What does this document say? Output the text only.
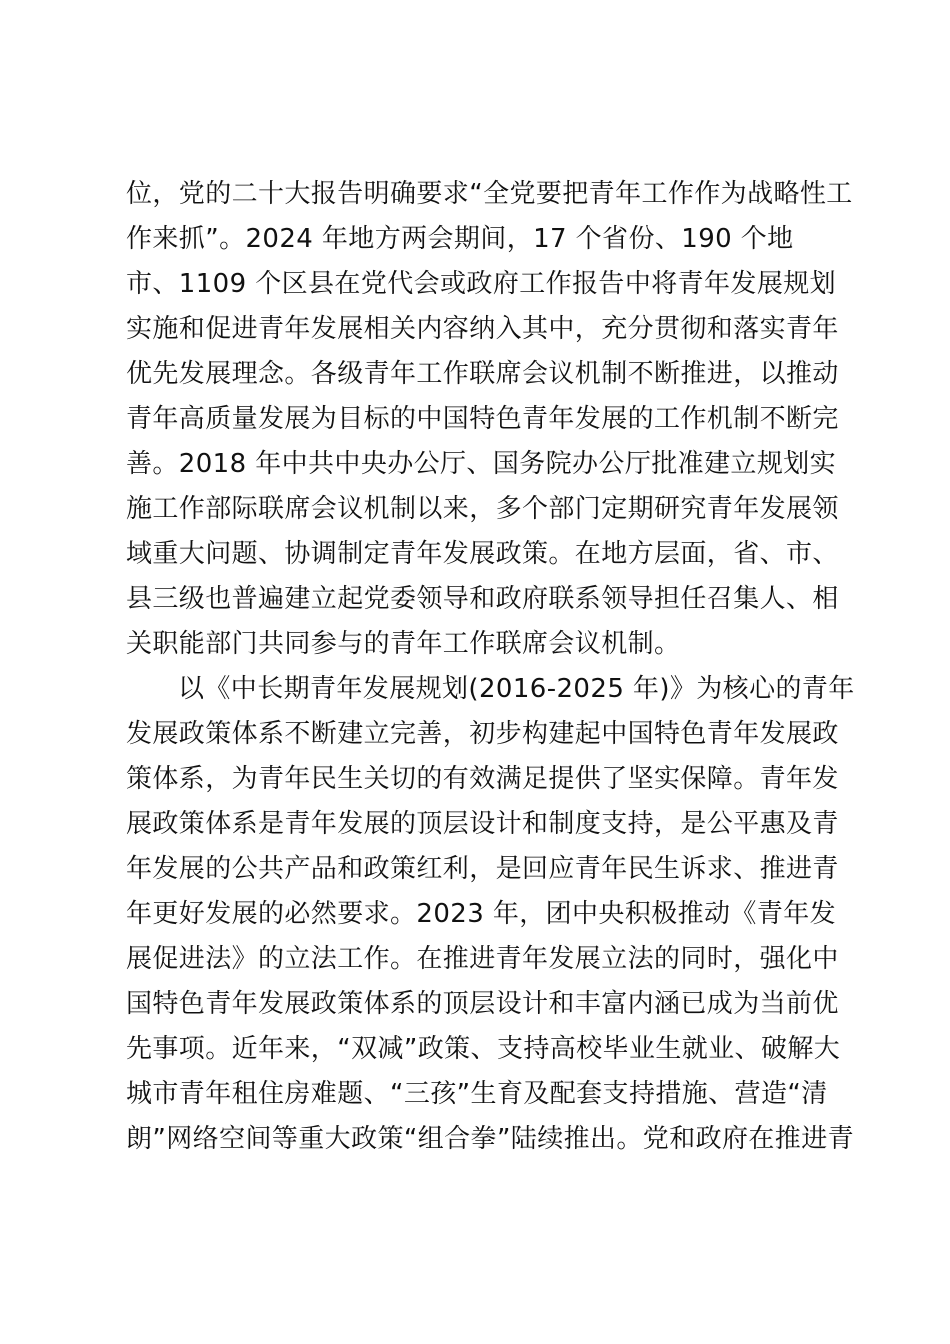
位，党的二十大报告明确要求“全党要把青年工作作为战略性工
作来抓”。2024 年地方两会期间，17 个省份、190 个地
市、1109 个区县在党代会或政府工作报告中将青年发展规划
实施和促进青年发展相关内容纳入其中，充分贯彻和落实青年
优先发展理念。各级青年工作联席会议机制不断推进，以推动
青年高质量发展为目标的中国特色青年发展的工作机制不断完
善。2018 年中共中央办公厅、国务院办公厅批准建立规划实
施工作部际联席会议机制以来，多个部门定期研究青年发展领
域重大问题、协调制定青年发展政策。在地方层面，省、市、
县三级也普遍建立起党委领导和政府联系领导担任召集人、相
关职能部门共同参与的青年工作联席会议机制。
以《中长期青年发展规划(2016-2025 年)》为核心的青年
发展政策体系不断建立完善，初步构建起中国特色青年发展政
策体系，为青年民生关切的有效满足提供了坚实保障。青年发
展政策体系是青年发展的顶层设计和制度支持，是公平惠及青
年发展的公共产品和政策红利，是回应青年民生诉求、推进青
年更好发展的必然要求。2023 年，团中央积极推动《青年发
展促进法》的立法工作。在推进青年发展立法的同时，强化中
国特色青年发展政策体系的顶层设计和丰富内涵已成为当前优
先事项。近年来，“双减”政策、支持高校毕业生就业、破解大
城市青年租住房难题、“三孩”生育及配套支持措施、营造“清
朗”网络空间等重大政策“组合拳”陆续推出。党和政府在推进青
